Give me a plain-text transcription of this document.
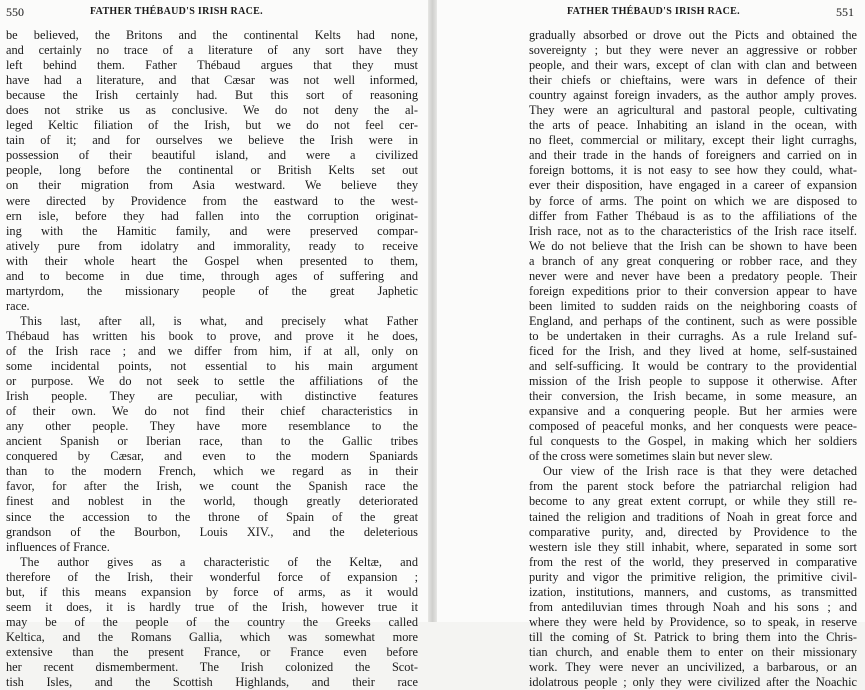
550	FATHER THÉBAUD'S IRISH RACE.
be believed, the Britons and the continental Kelts had none,
and certainly no trace of a literature of any sort have they
left behind them. Father Thébaud argues that they must
have had a literature, and that Cæsar was not well informed,
because the Irish certainly had. But this sort of reasoning
does not strike us as conclusive. We do not deny the al-
leged Keltic filiation of the Irish, but we do not feel cer-
tain of it; and for ourselves we believe the Irish were in
possession of their beautiful island, and were a civilized
people, long before the continental or British Kelts set out
on their migration from Asia westward. We believe they
were directed by Providence from the eastward to the west-
ern isle, before they had fallen into the corruption originat-
ing with the Hamitic family, and were preserved compar-
atively pure from idolatry and immorality, ready to receive
with their whole heart the Gospel when presented to them,
and to become in due time, through ages of suffering and
martyrdom, the missionary people of the great Japhetic
race.
This last, after all, is what, and precisely what Father
Thébaud has written his book to prove, and prove it he does,
of the Irish race ; and we differ from him, if at all, only on
some incidental points, not essential to his main argument
or purpose. We do not seek to settle the affiliations of the
Irish people. They are peculiar, with distinctive features
of their own. We do not find their chief characteristics in
any other people. They have more resemblance to the
ancient Spanish or Iberian race, than to the Gallic tribes
conquered by Cæsar, and even to the modern Spaniards
than to the modern French, which we regard as in their
favor, for after the Irish, we count the Spanish race the
finest and noblest in the world, though greatly deteriorated
since the accession to the throne of Spain of the great
grandson of the Bourbon, Louis XIV., and the deleterious
influences of France.
The author gives as a characteristic of the Keltæ, and
therefore of the Irish, their wonderful force of expansion ;
but, if this means expansion by force of arms, as it would
seem it does, it is hardly true of the Irish, however true it
may be of the people of the country the Greeks called
Keltica, and the Romans Gallia, which was somewhat more
extensive than the present France, or France even before
her recent dismemberment. The Irish colonized the Scot-
tish Isles, and the Scottish Highlands, and their race
gradually absorbed or drove out the Picts and obtained the
sovereignty ; but they were never an aggressive or robber
people, and their wars, except of clan with clan and between
their chiefs or chieftains, were wars in defence of their
country against foreign invaders, as the author amply proves.
They were an agricultural and pastoral people, cultivating
the arts of peace. Inhabiting an island in the ocean, with
no fleet, commercial or military, except their light curraghs,
and their trade in the hands of foreigners and carried on in
foreign bottoms, it is not easy to see how they could, what-
ever their disposition, have engaged in a career of expansion
by force of arms. The point on which we are disposed to
differ from Father Thébaud is as to the affiliations of the
Irish race, not as to the characteristics of the Irish race itself.
We do not believe that the Irish can be shown to have been
a branch of any great conquering or robber race, and they
never were and never have been a predatory people. Their
foreign expeditions prior to their conversion appear to have
been limited to sudden raids on the neighboring coasts of
England, and perhaps of the continent, such as were possible
to be undertaken in their curraghs. As a rule Ireland suf-
ficed for the Irish, and they lived at home, self-sustained
and self-sufficing. It would be contrary to the providential
mission of the Irish people to suppose it otherwise. After
their conversion, the Irish became, in some measure, an
expansive and a conquering people. But her armies were
composed of peaceful monks, and her conquests were peace-
ful conquests to the Gospel, in making which her soldiers
of the cross were sometimes slain but never slew.
Our view of the Irish race is that they were detached
from the parent stock before the patriarchal religion had
become to any great extent corrupt, or while they still re-
tained the religion and traditions of Noah in great force and
comparative purity, and, directed by Providence to the
western isle they still inhabit, where, separated in some sort
from the rest of the world, they preserved in comparative
purity and vigor the primitive religion, the primitive civil-
ization, institutions, manners, and customs, as transmitted
from antediluvian times through Noah and his sons ; and
where they were held by Providence, so to speak, in reserve
till the coming of St. Patrick to bring them into the Chris-
tian church, and enable them to enter on their missionary
work. They were never an uncivilized, a barbarous, or an
idolatrous people ; only they were civilized after the Noachic
FATHER THÉBAUD'S IRISH RACE.	551
